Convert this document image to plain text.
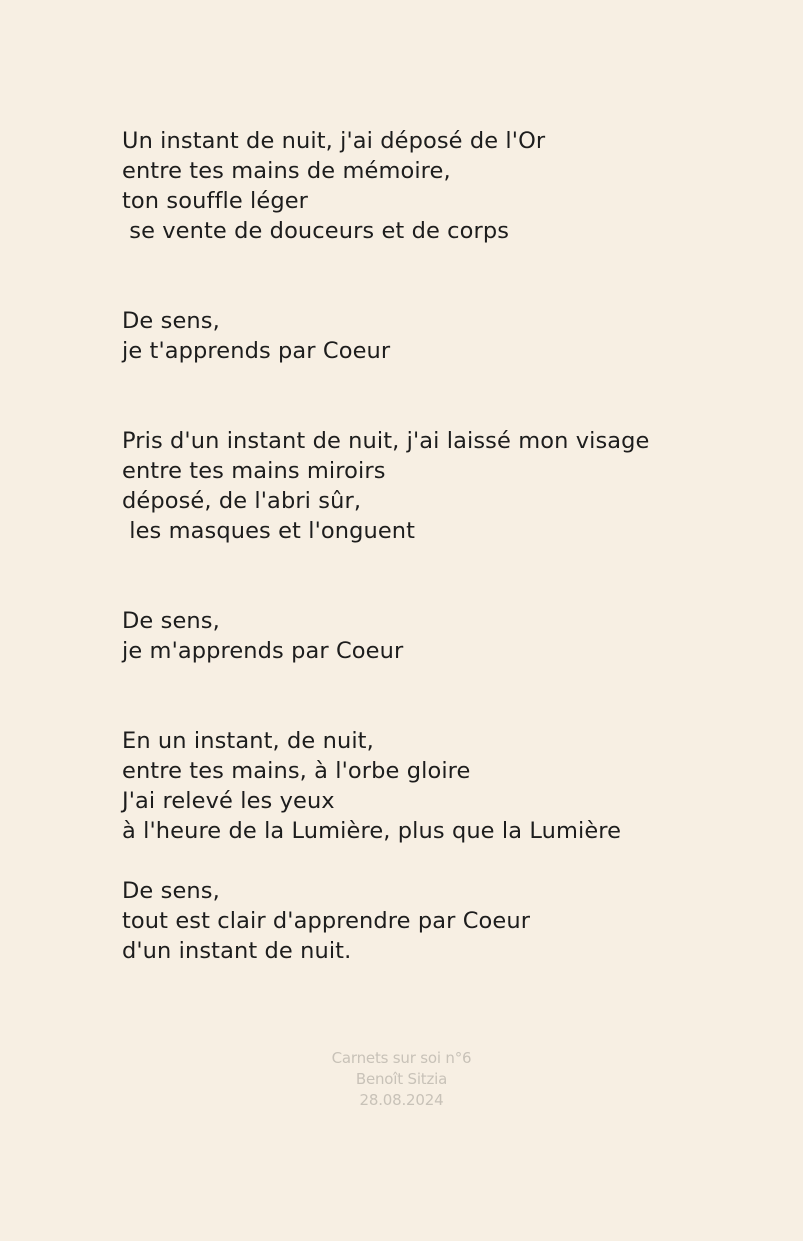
Un instant de nuit, j'ai déposé de l'Or
entre tes mains de mémoire,
ton souffle léger
se vente de douceurs et de corps
De sens,
je t'apprends par Coeur
Pris d'un instant de nuit, j'ai laissé mon visage
entre tes mains miroirs
déposé, de l'abri sûr,
les masques et l'onguent
De sens,
je m'apprends par Coeur
En un instant, de nuit,
entre tes mains, à l'orbe gloire
J'ai relevé les yeux
à l'heure de la Lumière, plus que la Lumière
De sens,
tout est clair d'apprendre par Coeur
d'un instant de nuit.
Carnets sur soi n°6
Benoît Sitzia
28.08.2024
